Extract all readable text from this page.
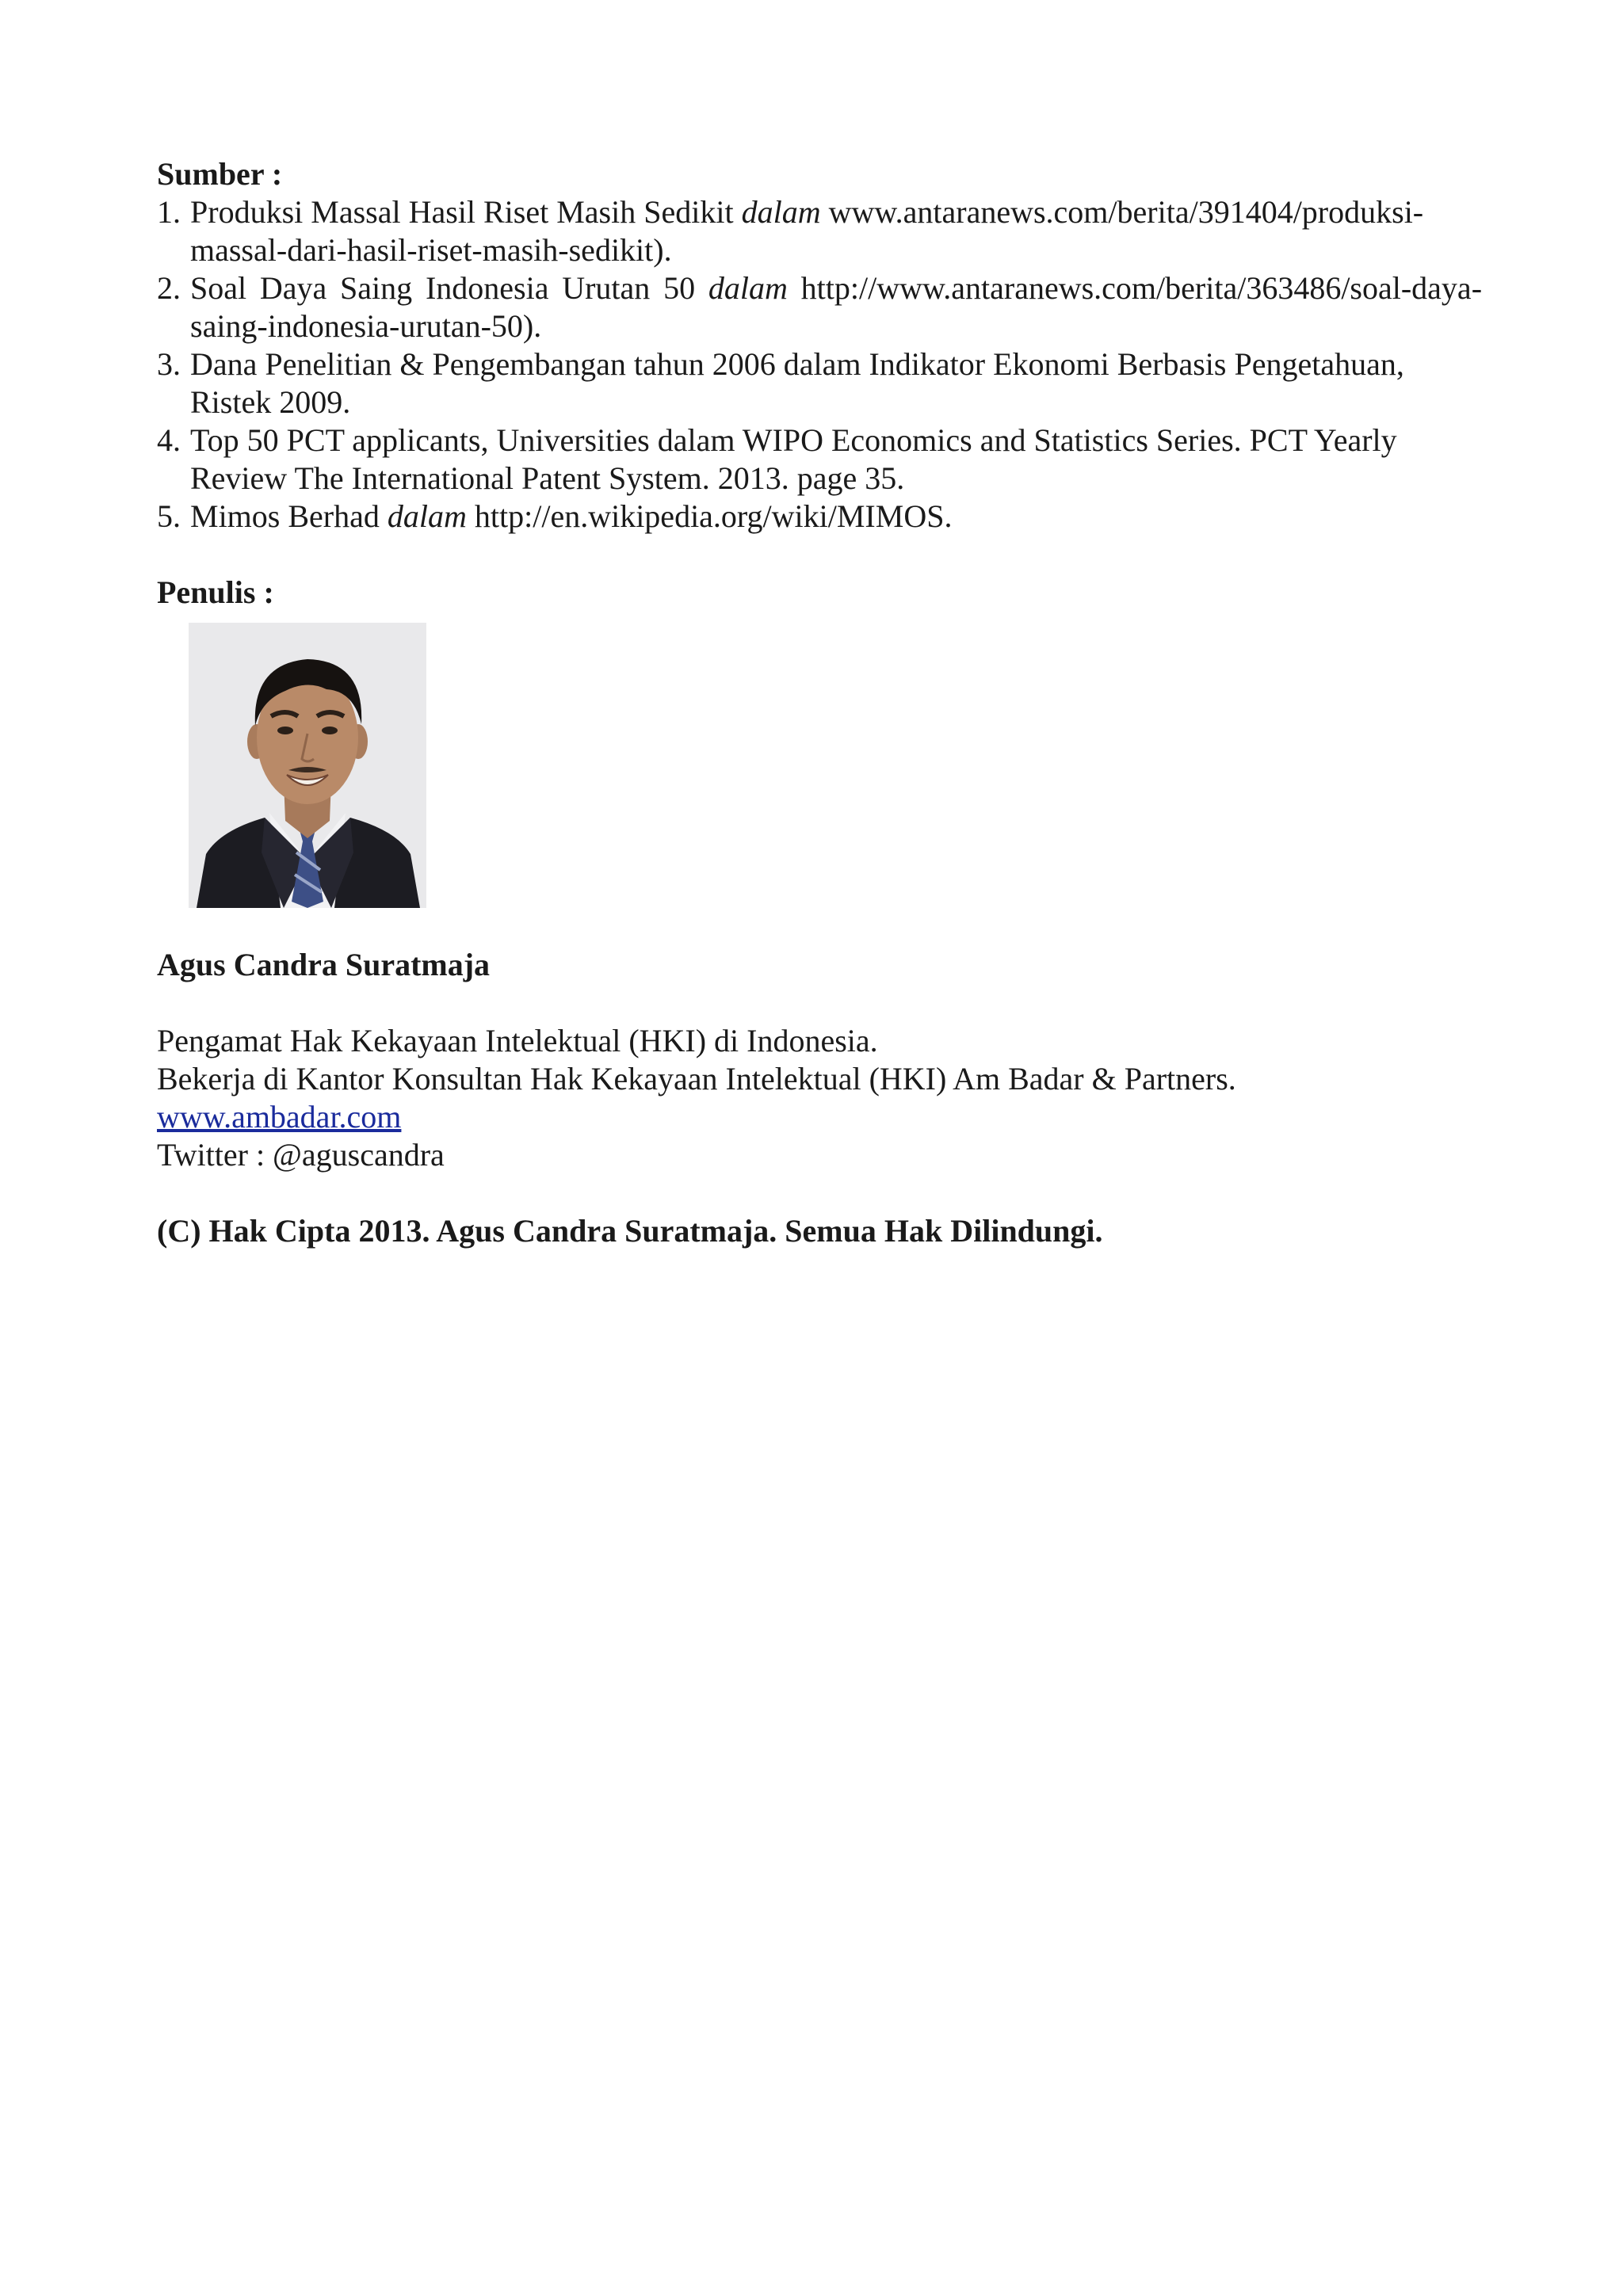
Sumber :

1. Produksi Massal Hasil Riset Masih Sedikit dalam www.antaranews.com/berita/391404/produksi-massal-dari-hasil-riset-masih-sedikit).
2. Soal Daya Saing Indonesia Urutan 50 dalam http://www.antaranews.com/berita/363486/soal-daya-saing-indonesia-urutan-50).
3. Dana Penelitian & Pengembangan tahun 2006 dalam Indikator Ekonomi Berbasis Pengetahuan, Ristek 2009.
4. Top 50 PCT applicants, Universities dalam WIPO Economics and Statistics Series. PCT Yearly Review The International Patent System. 2013. page 35.
5. Mimos Berhad dalam http://en.wikipedia.org/wiki/MIMOS.

Penulis :

Agus Candra Suratmaja

Pengamat Hak Kekayaan Intelektual (HKI) di Indonesia.

Bekerja di Kantor Konsultan Hak Kekayaan Intelektual (HKI) Am Badar & Partners.

www.ambadar.com

Twitter : @aguscandra

(C) Hak Cipta 2013. Agus Candra Suratmaja. Semua Hak Dilindungi.
